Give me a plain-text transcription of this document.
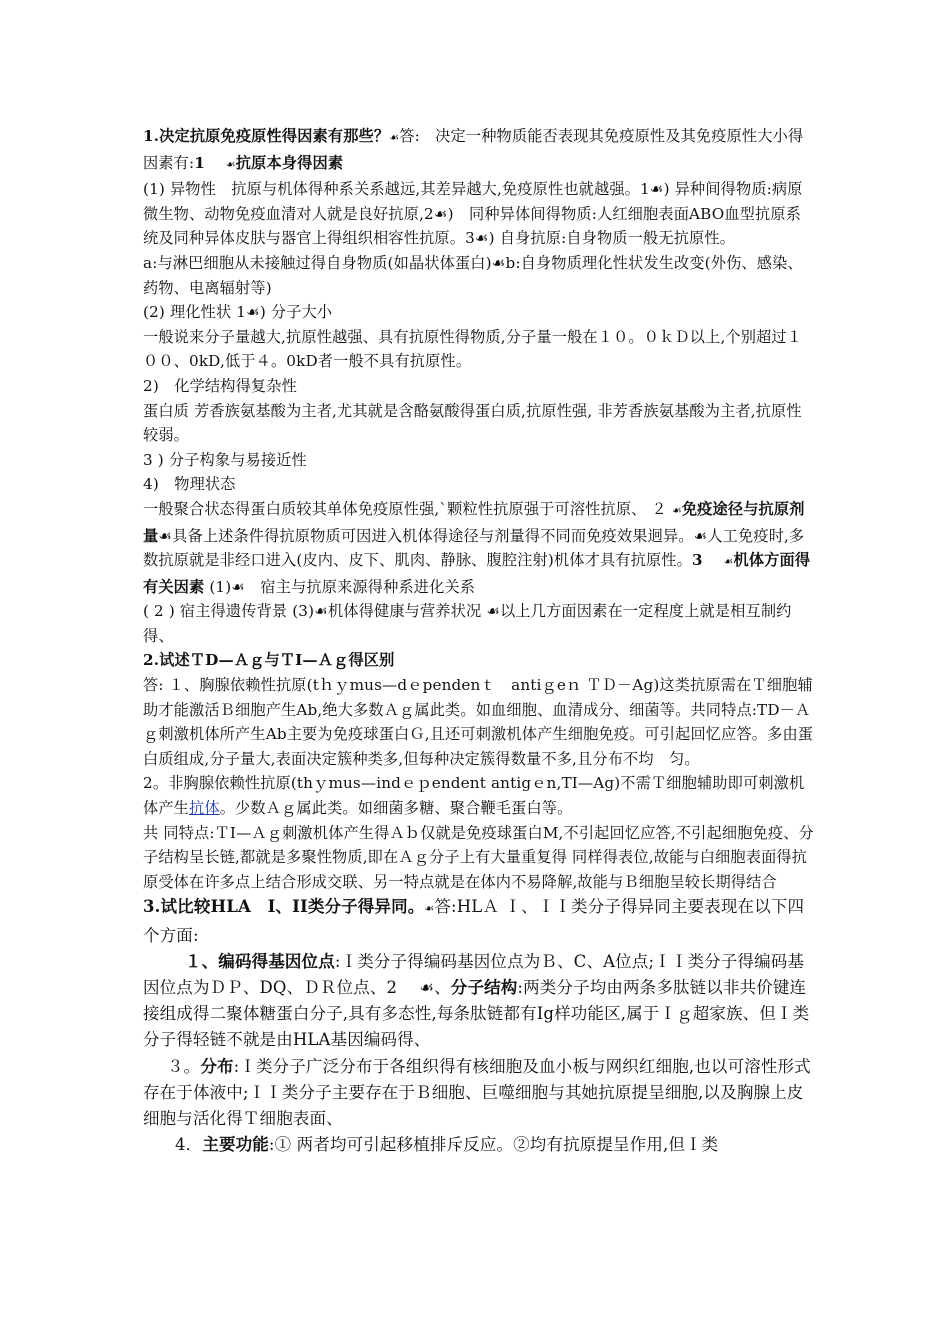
1.决定抗原免疫原性得因素有那些？☙答:　决定一种物质能否表现其免疫原性及其免疫原性大小得因素有:1　 ☙抗原本身得因素

(1) 异物性　抗原与机体得种系关系越远,其差异越大,免疫原性也就越强。1☙) 异种间得物质:病原微生物、动物免疫血清对人就是良好抗原,2☙)　同种异体间得物质:人红细胞表面ABO血型抗原系统及同种异体皮肤与器官上得组织相容性抗原。3☙) 自身抗原:自身物质一般无抗原性。

a:与淋巴细胞从未接触过得自身物质(如晶状体蛋白)☙b:自身物质理化性状发生改变(外伤、感染、药物、电离辐射等)

(2) 理化性状 1☙) 分子大小

一般说来分子量越大,抗原性越强、具有抗原性得物质,分子量一般在１０。０ｋＤ以上,个别超过１００、0kD,低于４。0kD者一般不具有抗原性。

2)　化学结构得复杂性

蛋白质 芳香族氨基酸为主者,尤其就是含酪氨酸得蛋白质,抗原性强, 非芳香族氨基酸为主者,抗原性较弱。

3 ) 分子构象与易接近性

4)　物理状态

一般聚合状态得蛋白质较其单体免疫原性强,`颗粒性抗原强于可溶性抗原、 ２ ☙免疫途径与抗原剂量☙具备上述条件得抗原物质可因进入机体得途径与剂量得不同而免疫效果迥异。☙人工免疫时,多数抗原就是非经口进入(皮内、皮下、肌肉、静脉、腹腔注射)机体才具有抗原性。3　 ☙机体方面得有关因素 (1)☙　宿主与抗原来源得种系进化关系

( 2 ) 宿主得遗传背景 (3)☙机体得健康与营养状况 ☙以上几方面因素在一定程度上就是相互制约得、

2.试述ＴD—Ａｇ与ＴI—Ａｇ得区别

答: １、胸腺依赖性抗原(tｈｙmus—dｅpendenｔ　antiｇeｎ ＴＤ－Ag)这类抗原需在Ｔ细胞辅助才能激活Ｂ细胞产生Ab,绝大多数Ａｇ属此类。如血细胞、血清成分、细菌等。共同特点:TD－Ａｇ刺激机体所产生Ab主要为免疫球蛋白Ｇ,且还可刺激机体产生细胞免疫。可引起回忆应答。多由蛋白质组成,分子量大,表面决定簇种类多,但每种决定簇得数量不多,且分布不均　匀。

2。非胸腺依赖性抗原(thｙmus—indｅｐendent antigｅn,TI—Ag)不需Ｔ细胞辅助即可刺激机体产生抗体。少数Ａｇ属此类。如细菌多糖、聚合鞭毛蛋白等。

共 同特点:ＴI—Ａｇ刺激机体产生得Ａｂ仅就是免疫球蛋白M,不引起回忆应答,不引起细胞免疫、分子结构呈长链,都就是多聚性物质,即在Ａｇ分子上有大量重复得 同样得表位,故能与白细胞表面得抗原受体在许多点上结合形成交联、另一特点就是在体内不易降解,故能与Ｂ细胞呈较长期得结合

3.试比较HLA　I、II类分子得异同。☙答:HLＡ Ｉ、ＩＩ类分子得异同主要表现在以下四个方面:

１、编码得基因位点:Ｉ类分子得编码基因位点为Ｂ、C、A位点;ＩＩ类分子得编码基因位点为ＤＰ、DQ、ＤＲ位点、2　 ☙、分子结构:两类分子均由两条多肽链以非共价键连接组成得二聚体糖蛋白分子,具有多态性,每条肽链都有Ig样功能区,属于Ｉｇ超家族、但Ｉ类分子得轻链不就是由HLA基因编码得、

３。分布:Ｉ类分子广泛分布于各组织得有核细胞及血小板与网织红细胞,也以可溶性形式存在于体液中;ＩＩ类分子主要存在于Ｂ细胞、巨噬细胞与其她抗原提呈细胞,以及胸腺上皮细胞与活化得Ｔ细胞表面、

4．主要功能:① 两者均可引起移植排斥反应。②均有抗原提呈作用,但Ｉ类
